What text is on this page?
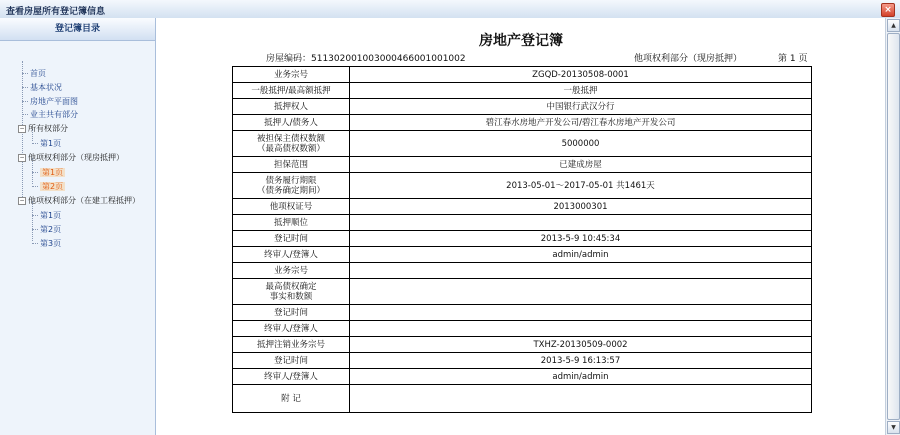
查看房屋所有登记簿信息	×
登记簿目录
首页
基本状况
房地产平面图
业主共有部分
− 所有权部分
第1页
− 他项权利部分（现房抵押）
第1页
第2页
− 他项权利部分（在建工程抵押）
第1页
第2页
第3页
房地产登记簿
房屋编码：511302001003000466001001002	他项权利部分（现房抵押）	第 1 页
业务宗号	ZGQD-20130508-0001
一般抵押/最高额抵押	一般抵押
抵押权人	中国银行武汉分行
抵押人/债务人	碧江春水房地产开发公司/碧江春水房地产开发公司
被担保主债权数额
（最高债权数额）	5000000
担保范围	已建成房屋
债务履行期限
（债务确定期间）	2013-05-01～2017-05-01 共1461天
他项权证号	2013000301
抵押顺位	
登记时间	2013-5-9 10:45:34
终审人/登簿人	admin/admin
业务宗号	
最高债权确定
事实和数额	
登记时间	
终审人/登簿人	
抵押注销业务宗号	TXHZ-20130509-0002
登记时间	2013-5-9 16:13:57
终审人/登簿人	admin/admin
附 记	
▲
▼
